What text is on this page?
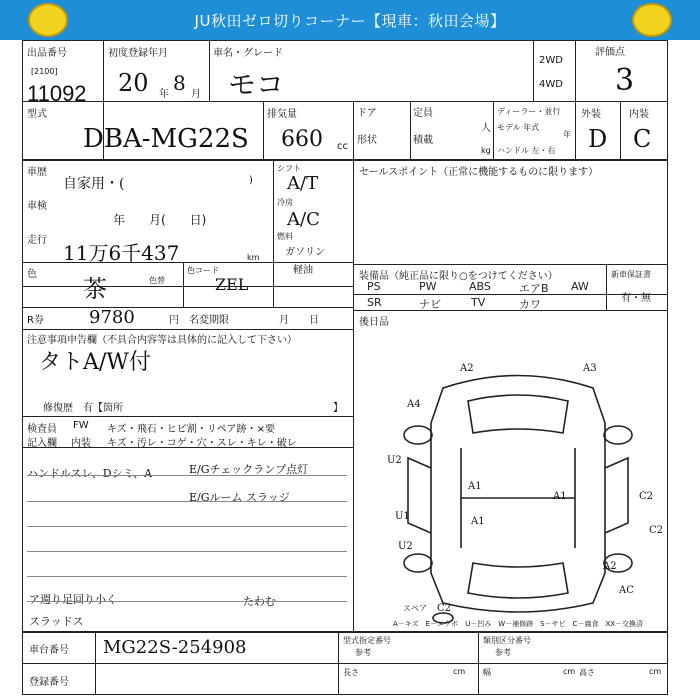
JU秋田ゼロ切りコーナー【現車：秋田会場】
出品番号
[2100]
11092
初度登録年月
20 年 8 月
車名・グレード
モコ
2WD
4WD
評価点
3
型式
DBA-MG22S
排気量
660 cc
ドア	定員
人
ディーラー・並行
モデル 年式
年
形状	積載
kg ハンドル 左・右
外装	内装
D C
車歴
自家用・(	)
車検
年　　月(　　日)
走行
11万6千437	km
色
茶	色替
色コード
ZEL
シフト
A/T
冷房
A/C
燃料
ガソリン
軽油
R券	9780	円 名変期限	月　　日
セールスポイント（正常に機能するものに限ります）
装備品（純正品に限り○をつけてください）
PS	PW	ABS	エアB AW
SR	ナビ	TV	カワ
新車保証書
有・無
後日品
注意事項申告欄（不具合内容等は具体的に記入して下さい）
タトA/W付
修復歴　有【箇所	】
検査員
記入欄
FW キズ・飛石・ヒビ割・リペア跡・×要
内装 キズ・汚レ・コゲ・穴・スレ・キレ・破レ
ハンドルスレ、Dシミ、A	E/Gチェックランプ点灯
E/Gルーム スラッジ
ア週り足回り小く
スラッドス
たわむ
A2	A3
A4
U2
A1
A1
A1
U1
C2
C2
U2
A2
C2
AC
スペア
A－キズ　E－エクボ　U－凹み　W－補修跡　S－サビ　C－腐食　XX－交換済
車台番号 MG22S-254908
登録番号
型式指定番号
参考
類別区分番号
参考
長さ	cm 幅	cm 高さ	cm
